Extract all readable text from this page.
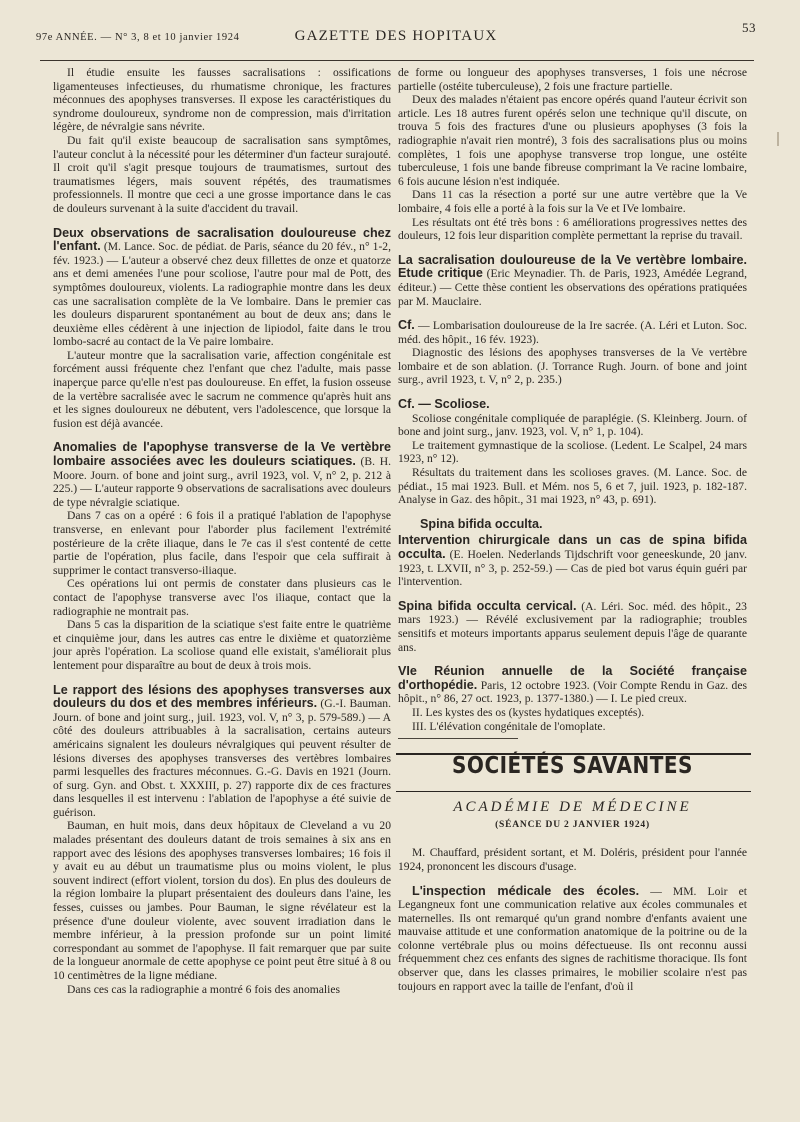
97e ANNÉE. — N° 3, 8 et 10 janvier 1924	GAZETTE DES HOPITAUX
53

Il étudie ensuite les fausses sacralisations : ossifications ligamenteuses infectieuses, du rhumatisme chronique, les fractures méconnues des apophyses transverses. Il expose les caractéristiques du syndrome douloureux, syndrome non de compression, mais d'irritation légère, de névralgie sans névrite.

Du fait qu'il existe beaucoup de sacralisation sans symptômes, l'auteur conclut à la nécessité pour les déterminer d'un facteur surajouté. Il croit qu'il s'agit presque toujours de traumatismes, surtout des traumatismes légers, mais souvent répétés, des traumatismes professionnels. Il montre que ceci a une grosse importance dans le cas de douleurs survenant à la suite d'accident du travail.

Deux observations de sacralisation douloureuse chez l'enfant. (M. Lance. Soc. de pédiat. de Paris, séance du 20 fév., n° 1-2, fév. 1923.) — L'auteur a observé chez deux fillettes de onze et quatorze ans et demi amenées l'une pour scoliose, l'autre pour mal de Pott, des symptômes douloureux, violents. La radiographie montre dans les deux cas une sacralisation complète de la Ve lombaire. Dans le premier cas les douleurs disparurent spontanément au bout de deux ans; dans le deuxième elles cédèrent à une injection de lipiodol, faite dans le trou lombo-sacré au contact de la Ve paire lombaire.

L'auteur montre que la sacralisation varie, affection congénitale est forcément aussi fréquente chez l'enfant que chez l'adulte, mais passe inaperçue parce qu'elle n'est pas douloureuse. En effet, la fusion osseuse de la vertèbre sacralisée avec le sacrum ne commence qu'après huit ans et les signes douloureux ne débutent, vers l'adolescence, que lorsque la fusion est déjà avancée.

Anomalies de l'apophyse transverse de la Ve vertèbre lombaire associées avec les douleurs sciatiques. (B. H. Moore. Journ. of bone and joint surg., avril 1923, vol. V, n° 2, p. 212 à 225.) — L'auteur rapporte 9 observations de sacralisations avec douleurs de type névralgie sciatique.

Dans 7 cas on a opéré : 6 fois il a pratiqué l'ablation de l'apophyse transverse, en enlevant pour l'aborder plus facilement l'extrémité postérieure de la crête iliaque, dans le 7e cas il s'est contenté de cette partie de l'opération, plus facile, dans l'espoir que cela suffirait à supprimer le contact transverso-iliaque.

Ces opérations lui ont permis de constater dans plusieurs cas le contact de l'apophyse transverse avec l'os iliaque, contact que la radiographie ne montrait pas.

Dans 5 cas la disparition de la sciatique s'est faite entre le quatrième et cinquième jour, dans les autres cas entre le dixième et quatorzième jour après l'opération. La scoliose quand elle existait, s'améliorait plus lentement pour disparaître au bout de deux à trois mois.

Le rapport des lésions des apophyses transverses aux douleurs du dos et des membres inférieurs. (G.-I. Bauman. Journ. of bone and joint surg., juil. 1923, vol. V, n° 3, p. 579-589.) — A côté des douleurs attribuables à la sacralisation, certains auteurs américains signalent les douleurs névralgiques qui peuvent résulter de lésions diverses des apophyses transverses des vertèbres lombaires parmi lesquelles des fractures méconnues. G.-G. Davis en 1921 (Journ. of surg. Gyn. and Obst. t. XXXIII, p. 27) rapporte dix de ces fractures dans lesquelles il est intervenu : l'ablation de l'apophyse a été suivie de guérison.

Bauman, en huit mois, dans deux hôpitaux de Cleveland a vu 20 malades présentant des douleurs datant de trois semaines à six ans en rapport avec des lésions des apophyses transverses lombaires; 16 fois il y avait eu au début un traumatisme plus ou moins violent, le plus souvent indirect (effort violent, torsion du dos). En plus des douleurs de la région lombaire la plupart présentaient des douleurs dans l'aine, les fesses, cuisses ou jambes. Pour Bauman, le signe révélateur est la présence d'une douleur violente, avec souvent irradiation dans le membre inférieur, à la pression profonde sur un point limité correspondant au sommet de l'apophyse. Il fait remarquer que par suite de la longueur anormale de cette apophyse ce point peut être situé à 8 ou 10 centimètres de la ligne médiane.

Dans ces cas la radiographie a montré 6 fois des anomalies

de forme ou longueur des apophyses transverses, 1 fois une nécrose partielle (ostéite tuberculeuse), 2 fois une fracture partielle.

Deux des malades n'étaient pas encore opérés quand l'auteur écrivit son article. Les 18 autres furent opérés selon une technique qu'il discute, on trouva 5 fois des fractures d'une ou plusieurs apophyses (3 fois la radiographie n'avait rien montré), 3 fois des sacralisations plus ou moins complètes, 1 fois une apophyse transverse trop longue, une ostéite tuberculeuse, 1 fois une bande fibreuse comprimant la Ve racine lombaire, 6 fois aucune lésion n'est indiquée.

Dans 11 cas la résection a porté sur une autre vertèbre que la Ve lombaire, 4 fois elle a porté à la fois sur la Ve et IVe lombaire.

Les résultats ont été très bons : 6 améliorations progressives nettes des douleurs, 12 fois leur disparition complète permettant la reprise du travail.

La sacralisation douloureuse de la Ve vertèbre lombaire. Etude critique (Eric Meynadier. Th. de Paris, 1923, Amédée Legrand, éditeur.) — Cette thèse contient les observations des opérations pratiquées par M. Mauclaire.

Cf. — Lombarisation douloureuse de la Ire sacrée. (A. Léri et Luton. Soc. méd. des hôpit., 16 fév. 1923).

Diagnostic des lésions des apophyses transverses de la Ve vertèbre lombaire et de son ablation. (J. Torrance Rugh. Journ. of bone and joint surg., avril 1923, t. V, n° 2, p. 235.)

Cf. — Scoliose.

Scoliose congénitale compliquée de paraplégie. (S. Kleinberg. Journ. of bone and joint surg., janv. 1923, vol. V, n° 1, p. 104).

Le traitement gymnastique de la scoliose. (Ledent. Le Scalpel, 24 mars 1923, n° 12).

Résultats du traitement dans les scolioses graves. (M. Lance. Soc. de pédiat., 15 mai 1923. Bull. et Mém. nos 5, 6 et 7, juil. 1923, p. 182-187. Analyse in Gaz. des hôpit., 31 mai 1923, n° 43, p. 691).

Spina bifida occulta.

Intervention chirurgicale dans un cas de spina bifida occulta. (E. Hoelen. Nederlands Tijdschrift voor geneeskunde, 20 janv. 1923, t. LXVII, n° 3, p. 252-59.) — Cas de pied bot varus équin guéri par l'intervention.

Spina bifida occulta cervical. (A. Léri. Soc. méd. des hôpit., 23 mars 1923.) — Révélé exclusivement par la radiographie; troubles sensitifs et moteurs importants apparus seulement depuis l'âge de quarante ans.

VIe Réunion annuelle de la Société française d'orthopédie. Paris, 12 octobre 1923. (Voir Compte Rendu in Gaz. des hôpit., n° 86, 27 oct. 1923, p. 1377-1380.) — I. Le pied creux.

II. Les kystes des os (kystes hydatiques exceptés).

III. L'élévation congénitale de l'omoplate.

SOCIÉTÉS SAVANTES
ACADÉMIE DE MÉDECINE
(SÉANCE DU 2 JANVIER 1924)

M. Chauffard, président sortant, et M. Doléris, président pour l'année 1924, prononcent les discours d'usage.

L'inspection médicale des écoles. — MM. Loir et Legangneux font une communication relative aux écoles communales et maternelles. Ils ont remarqué qu'un grand nombre d'enfants avaient une mauvaise attitude et une conformation anatomique de la poitrine ou de la colonne vertébrale plus ou moins défectueuse. Ils ont reconnu aussi fréquemment chez ces enfants des signes de rachitisme thoracique. Ils font observer que, dans les classes primaires, le mobilier scolaire n'est pas toujours en rapport avec la taille de l'enfant, d'où il
